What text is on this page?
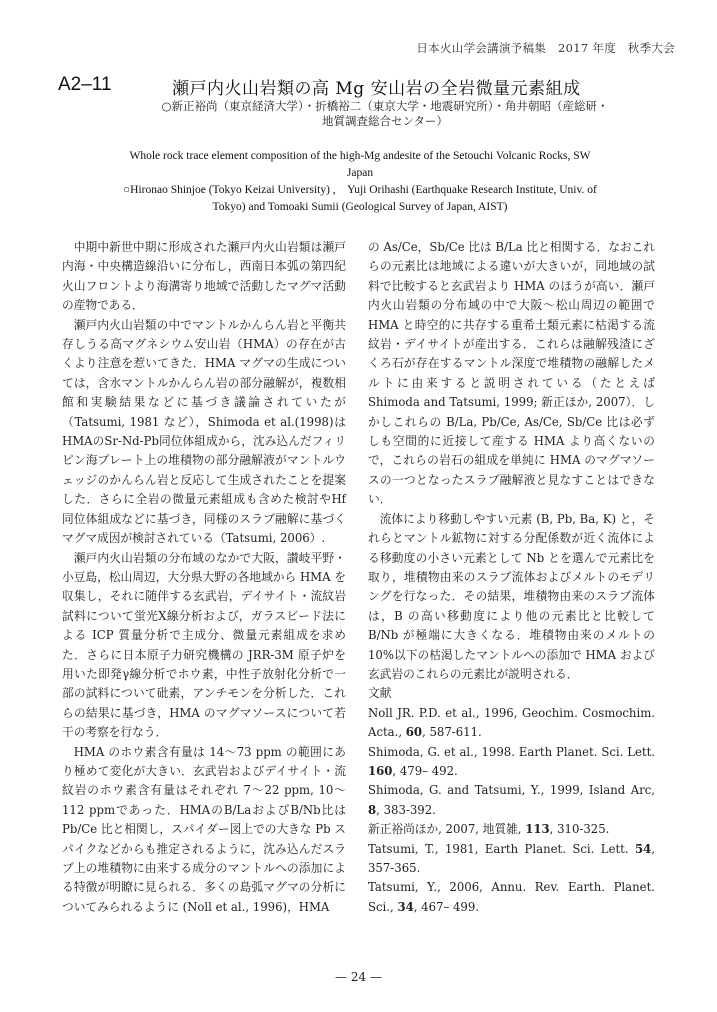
日本火山学会講演予稿集　2017 年度　秋季大会
A2–11	瀬戸内火山岩類の高 Mg 安山岩の全岩微量元素組成
○新正裕尚（東京経済大学）・折橋裕二（東京大学・地震研究所）・角井朝昭（産総研・
地質調査総合センター）
Whole rock trace element composition of the high-Mg andesite of the Setouchi Volcanic Rocks, SW
Japan
○Hironao Shinjoe (Tokyo Keizai University) ,　Yuji Orihashi (Earthquake Research Institute, Univ. of
Tokyo) and Tomoaki Sumii (Geological Survey of Japan, AIST)

中期中新世中期に形成された瀬戸内火山岩類は瀬戸内海・中央構造線沿いに分布し，西南日本弧の第四紀火山フロントより海溝寄り地域で活動したマグマ活動の産物である．

瀬戸内火山岩類の中でマントルかんらん岩と平衡共存しうる高マグネシウム安山岩（HMA）の存在が古くより注意を惹いてきた．HMA マグマの生成については，含水マントルかんらん岩の部分融解が，複数相館和実験結果などに基づき議論されていたが（Tatsumi, 1981 など），Shimoda et al.(1998)はHMAのSr-Nd-Pb同位体組成から，沈み込んだフィリピン海プレート上の堆積物の部分融解液がマントルウェッジのかんらん岩と反応して生成されたことを提案した．さらに全岩の微量元素組成も含めた検討やHf 同位体組成などに基づき，同様のスラブ融解に基づくマグマ成因が検討されている（Tatsumi, 2006）.

瀬戸内火山岩類の分布域のなかで大阪，讃岐平野・小豆島，松山周辺，大分県大野の各地域から HMA を収集し，それに随伴する玄武岩，デイサイト・流紋岩試料について蛍光X線分析および，ガラスビード法による ICP 質量分析で主成分、微量元素組成を求めた．さらに日本原子力研究機構の JRR-3M 原子炉を用いた即発γ線分析でホウ素，中性子放射化分析で一部の試料について砒素，アンチモンを分析した．これらの結果に基づき，HMA のマグマソースについて若干の考察を行なう．

HMA のホウ素含有量は 14〜73 ppm の範囲にあり極めて変化が大きい．玄武岩およびデイサイト・流紋岩のホウ素含有量はそれぞれ 7〜22 ppm, 10〜112 ppmであった．HMAのB/LaおよびB/Nb比は Pb/Ce 比と相関し，スパイダー図上での大きな Pb スパイクなどからも推定されるように，沈み込んだスラブ上の堆積物に由来する成分のマントルへの添加による特徴が明瞭に見られる．多くの島弧マグマの分析についてみられるように (Noll et al., 1996)，HMA

の As/Ce，Sb/Ce 比は B/La 比と相関する．なおこれらの元素比は地域による違いが大きいが，同地域の試料で比較すると玄武岩より HMA のほうが高い．瀬戸内火山岩類の分布域の中で大阪〜松山周辺の範囲で HMA と時空的に共存する重希土類元素に枯渇する流紋岩・デイサイトが産出する．これらは融解残渣にざくろ石が存在するマントル深度で堆積物の融解したメルトに由来すると説明されている（たとえば Shimoda and Tatsumi, 1999; 新正ほか, 2007）．しかしこれらの B/La, Pb/Ce, As/Ce, Sb/Ce 比は必ずしも空間的に近接して産する HMA より高くないので，これらの岩石の組成を単純に HMA のマグマソースの一つとなったスラブ融解液と見なすことはできない．

流体により移動しやすい元素 (B, Pb, Ba, K) と，それらとマントル鉱物に対する分配係数が近く流体による移動度の小さい元素として Nb とを選んで元素比を取り，堆積物由来のスラブ流体およびメルトのモデリングを行なった．その結果，堆積物由来のスラブ流体は，B の高い移動度により他の元素比と比較して B/Nb が極端に大きくなる．堆積物由来のメルトの 10%以下の枯渇したマントルへの添加で HMA および玄武岩のこれらの元素比が説明される．

文献

Noll JR. P.D. et al., 1996, Geochim. Cosmochim. Acta., 60, 587-611.

Shimoda, G. et al., 1998. Earth Planet. Sci. Lett. 160, 479– 492.

Shimoda, G. and Tatsumi, Y., 1999, Island Arc, 8, 383-392.

新正裕尚ほか, 2007, 地質雑, 113, 310-325.

Tatsumi, T., 1981, Earth Planet. Sci. Lett. 54, 357-365.

Tatsumi, Y., 2006, Annu. Rev. Earth. Planet. Sci., 34, 467– 499.

— 24 —
